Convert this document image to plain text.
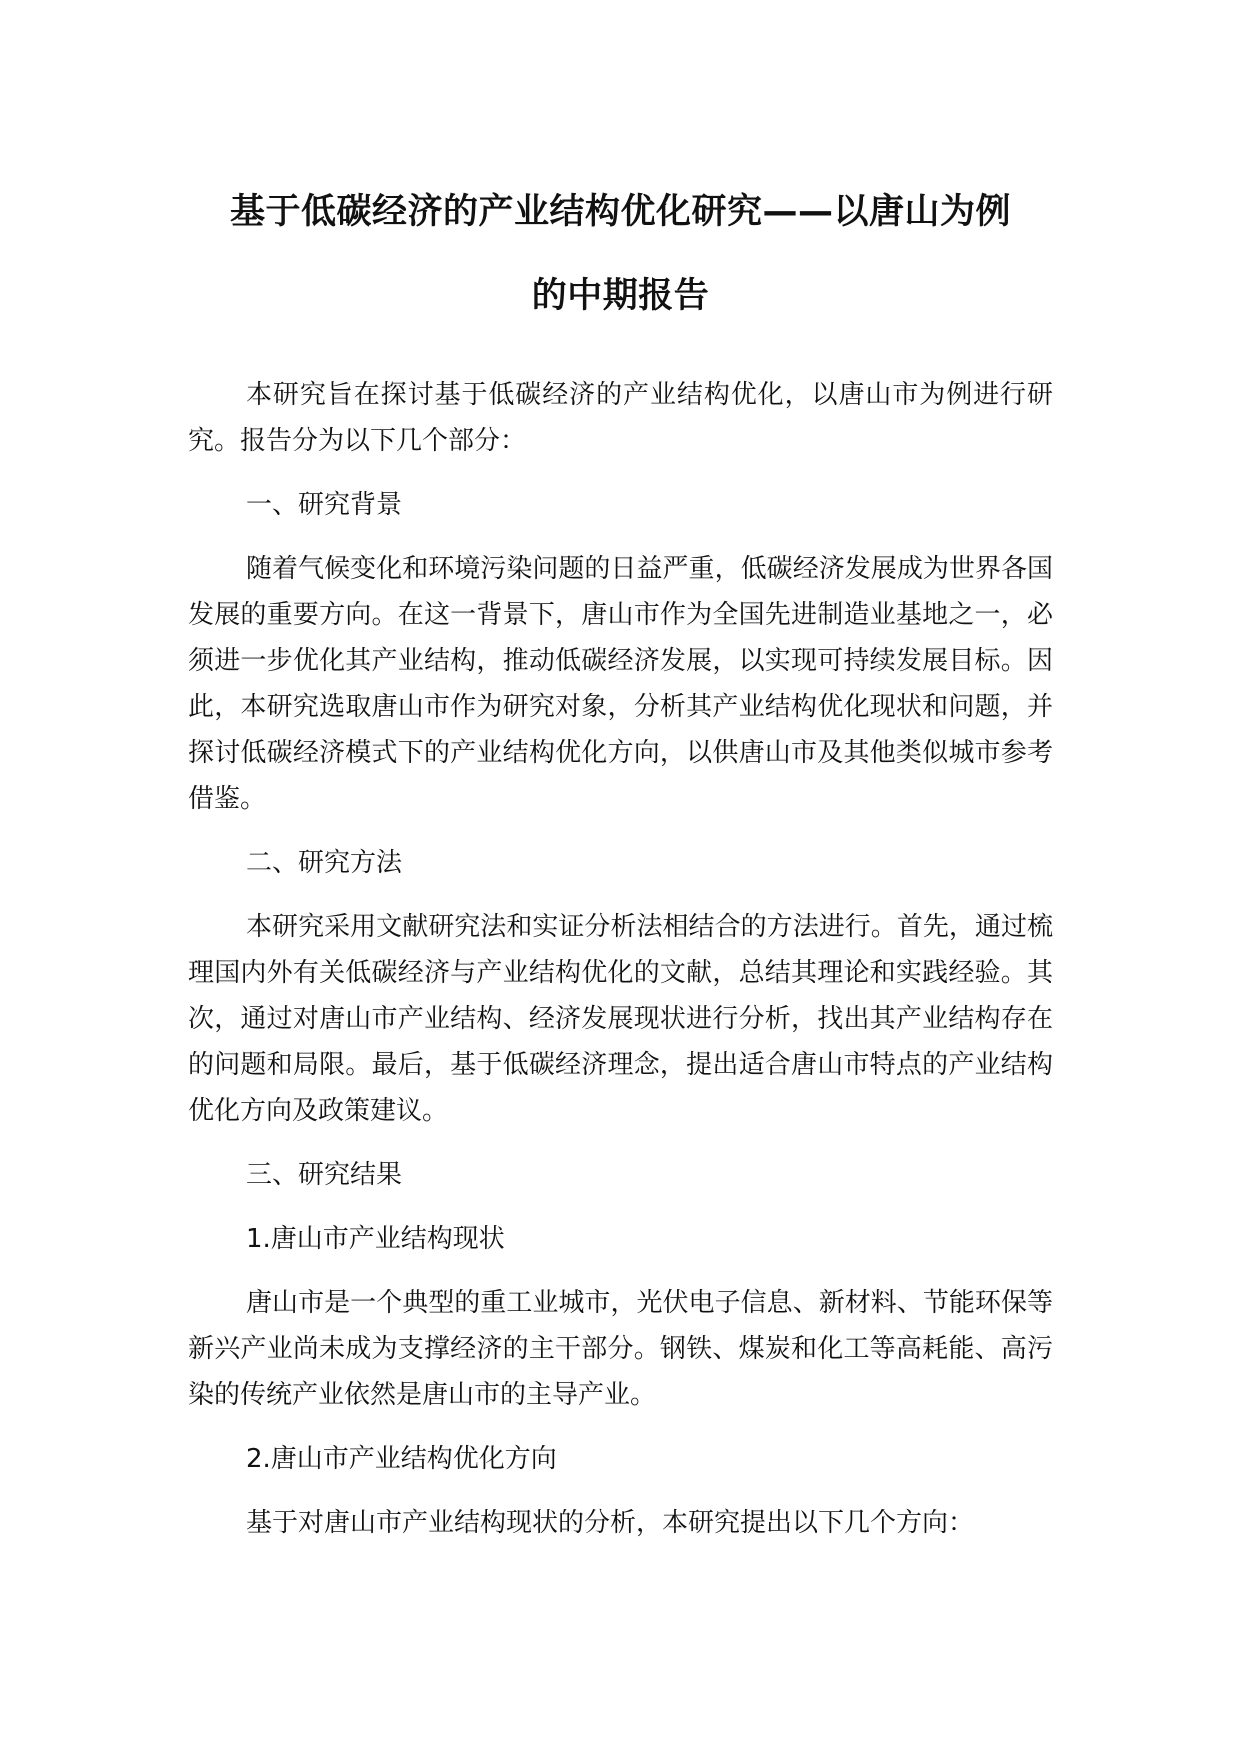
基于低碳经济的产业结构优化研究——以唐山为例
的中期报告

本研究旨在探讨基于低碳经济的产业结构优化，以唐山市为例进行研究。报告分为以下几个部分：

一、研究背景

随着气候变化和环境污染问题的日益严重，低碳经济发展成为世界各国发展的重要方向。在这一背景下，唐山市作为全国先进制造业基地之一，必须进一步优化其产业结构，推动低碳经济发展，以实现可持续发展目标。因此，本研究选取唐山市作为研究对象，分析其产业结构优化现状和问题，并探讨低碳经济模式下的产业结构优化方向，以供唐山市及其他类似城市参考借鉴。

二、研究方法

本研究采用文献研究法和实证分析法相结合的方法进行。首先，通过梳理国内外有关低碳经济与产业结构优化的文献，总结其理论和实践经验。其次，通过对唐山市产业结构、经济发展现状进行分析，找出其产业结构存在的问题和局限。最后，基于低碳经济理念，提出适合唐山市特点的产业结构优化方向及政策建议。

三、研究结果

1.唐山市产业结构现状

唐山市是一个典型的重工业城市，光伏电子信息、新材料、节能环保等新兴产业尚未成为支撑经济的主干部分。钢铁、煤炭和化工等高耗能、高污染的传统产业依然是唐山市的主导产业。

2.唐山市产业结构优化方向

基于对唐山市产业结构现状的分析，本研究提出以下几个方向：
